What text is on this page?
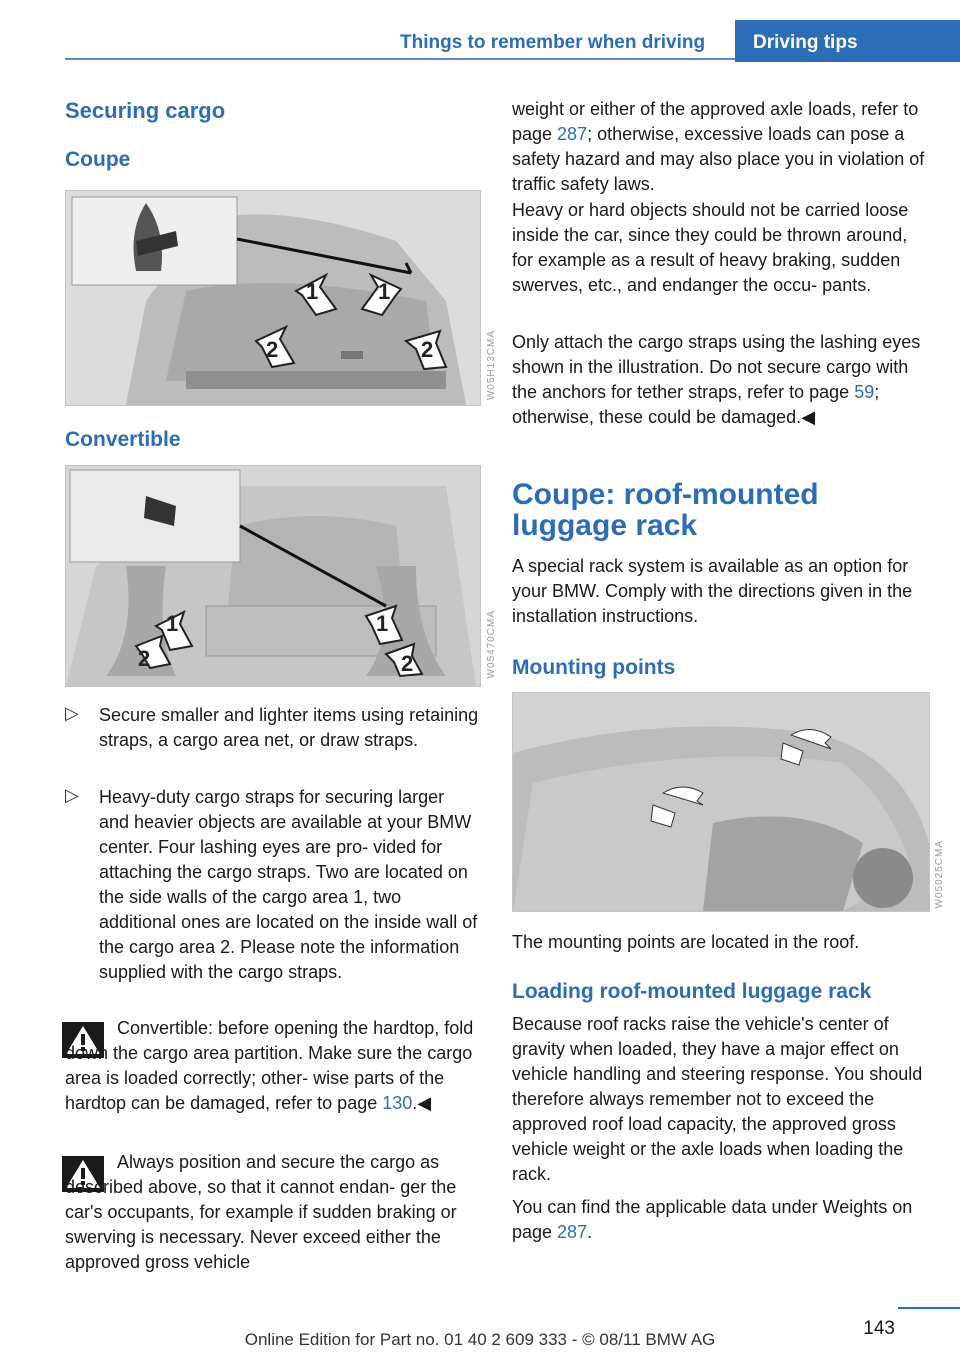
Things to remember when driving	Driving tips
Securing cargo
Coupe
1	1
2	2	W05H13CMA
Convertible
1	1
2	2	W05470CMA
▷ Secure smaller and lighter items using retaining straps, a cargo area net, or draw straps.
▷ Heavy-duty cargo straps for securing larger and heavier objects are available at your BMW center. Four lashing eyes are pro- vided for attaching the cargo straps. Two are located on the side walls of the cargo area 1, two additional ones are located on the inside wall of the cargo area 2. Please note the information supplied with the cargo straps.
Convertible: before opening the hardtop, fold down the cargo area partition. Make sure the cargo area is loaded correctly; other- wise parts of the hardtop can be damaged, refer to page 130.◀
Always position and secure the cargo as described above, so that it cannot endan- ger the car's occupants, for example if sudden braking or swerving is necessary. Never exceed either the approved gross vehicle
weight or either of the approved axle loads, refer to page 287; otherwise, excessive loads can pose a safety hazard and may also place you in violation of traffic safety laws.
Heavy or hard objects should not be carried loose inside the car, since they could be thrown around, for example as a result of heavy braking, sudden swerves, etc., and endanger the occu- pants.
Only attach the cargo straps using the lashing eyes shown in the illustration. Do not secure cargo with the anchors for tether straps, refer to page 59; otherwise, these could be damaged.◀
Coupe: roof-mounted luggage rack
A special rack system is available as an option for your BMW. Comply with the directions given in the installation instructions.
Mounting points
W05025CMA
The mounting points are located in the roof.
Loading roof-mounted luggage rack
Because roof racks raise the vehicle's center of gravity when loaded, they have a major effect on vehicle handling and steering response. You should therefore always remember not to exceed the approved roof load capacity, the approved gross vehicle weight or the axle loads when loading the rack.
You can find the applicable data under Weights on page 287.
143
Online Edition for Part no. 01 40 2 609 333 - © 08/11 BMW AG
